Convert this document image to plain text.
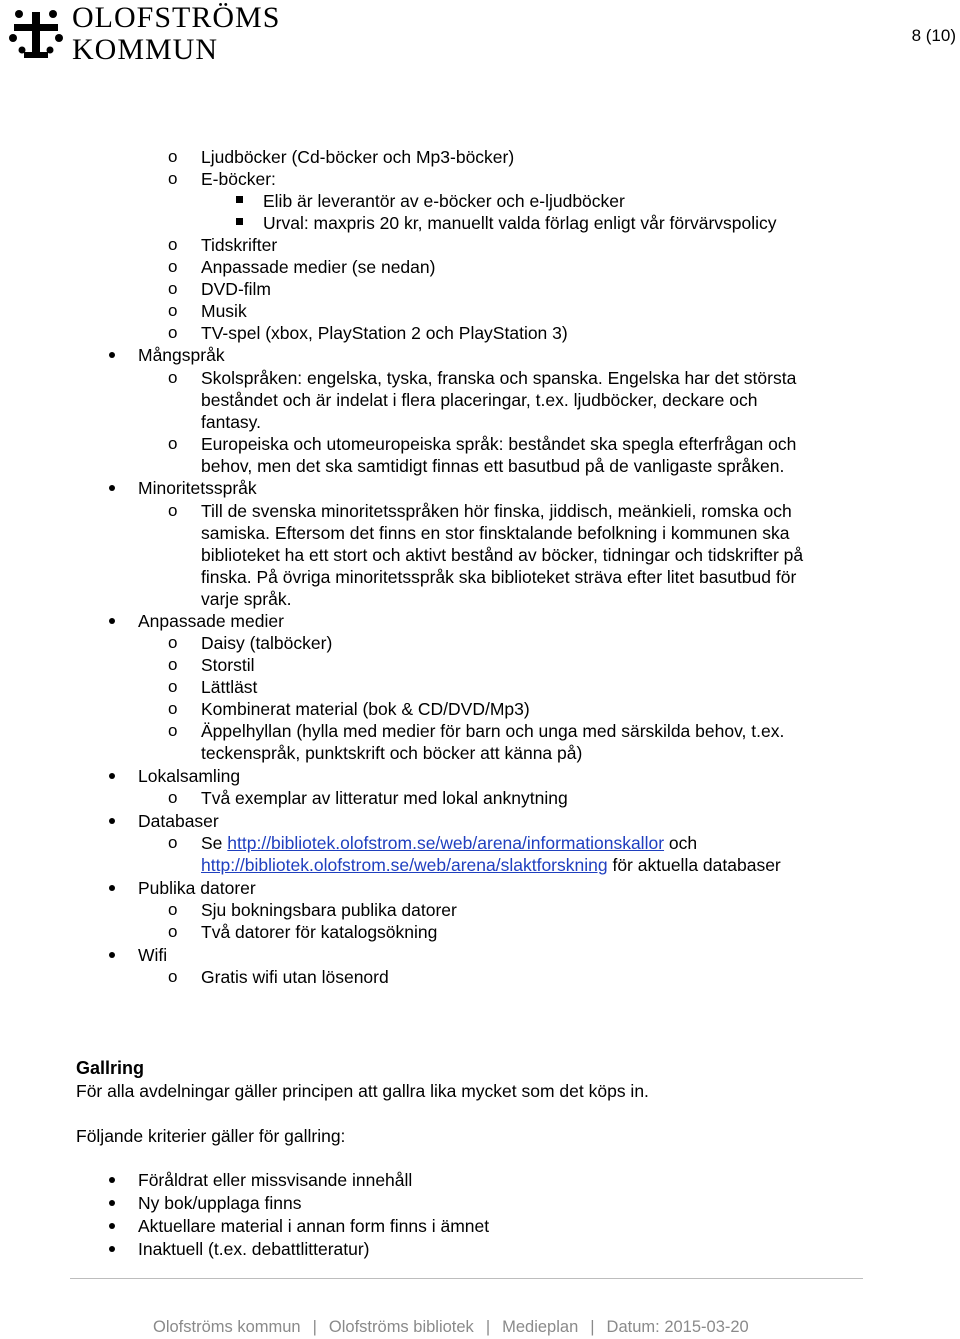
OLOFSTRÖMS
KOMMUN	8 (10)
o Ljudböcker (Cd-böcker och Mp3-böcker)
o E-böcker:
Elib är leverantör av e-böcker och e-ljudböcker
Urval: maxpris 20 kr, manuellt valda förlag enligt vår förvärvspolicy
o Tidskrifter
o Anpassade medier (se nedan)
o DVD-film
o Musik
o TV-spel (xbox, PlayStation 2 och PlayStation 3)
Mångspråk
o Skolspråken: engelska, tyska, franska och spanska. Engelska har det största
beståndet och är indelat i flera placeringar, t.ex. ljudböcker, deckare och
fantasy.
o Europeiska och utomeuropeiska språk: beståndet ska spegla efterfrågan och
behov, men det ska samtidigt finnas ett basutbud på de vanligaste språken.
Minoritetsspråk
o Till de svenska minoritetsspråken hör finska, jiddisch, meänkieli, romska och
samiska. Eftersom det finns en stor finsktalande befolkning i kommunen ska
biblioteket ha ett stort och aktivt bestånd av böcker, tidningar och tidskrifter på
finska. På övriga minoritetsspråk ska biblioteket sträva efter litet basutbud för
varje språk.
Anpassade medier
o Daisy (talböcker)
o Storstil
o Lättläst
o Kombinerat material (bok & CD/DVD/Mp3)
o Äppelhyllan (hylla med medier för barn och unga med särskilda behov, t.ex.
teckenspråk, punktskrift och böcker att känna på)
Lokalsamling
o Två exemplar av litteratur med lokal anknytning
Databaser
o Se http://bibliotek.olofstrom.se/web/arena/informationskallor och
http://bibliotek.olofstrom.se/web/arena/slaktforskning för aktuella databaser
Publika datorer
o Sju bokningsbara publika datorer
o Två datorer för katalogsökning
Wifi
o Gratis wifi utan lösenord
Gallring
För alla avdelningar gäller principen att gallra lika mycket som det köps in.
Följande kriterier gäller för gallring:
Föråldrat eller missvisande innehåll
Ny bok/upplaga finns
Aktuellare material i annan form finns i ämnet
Inaktuell (t.ex. debattlitteratur)
Olofströms kommun | Olofströms bibliotek | Medieplan | Datum: 2015-03-20
